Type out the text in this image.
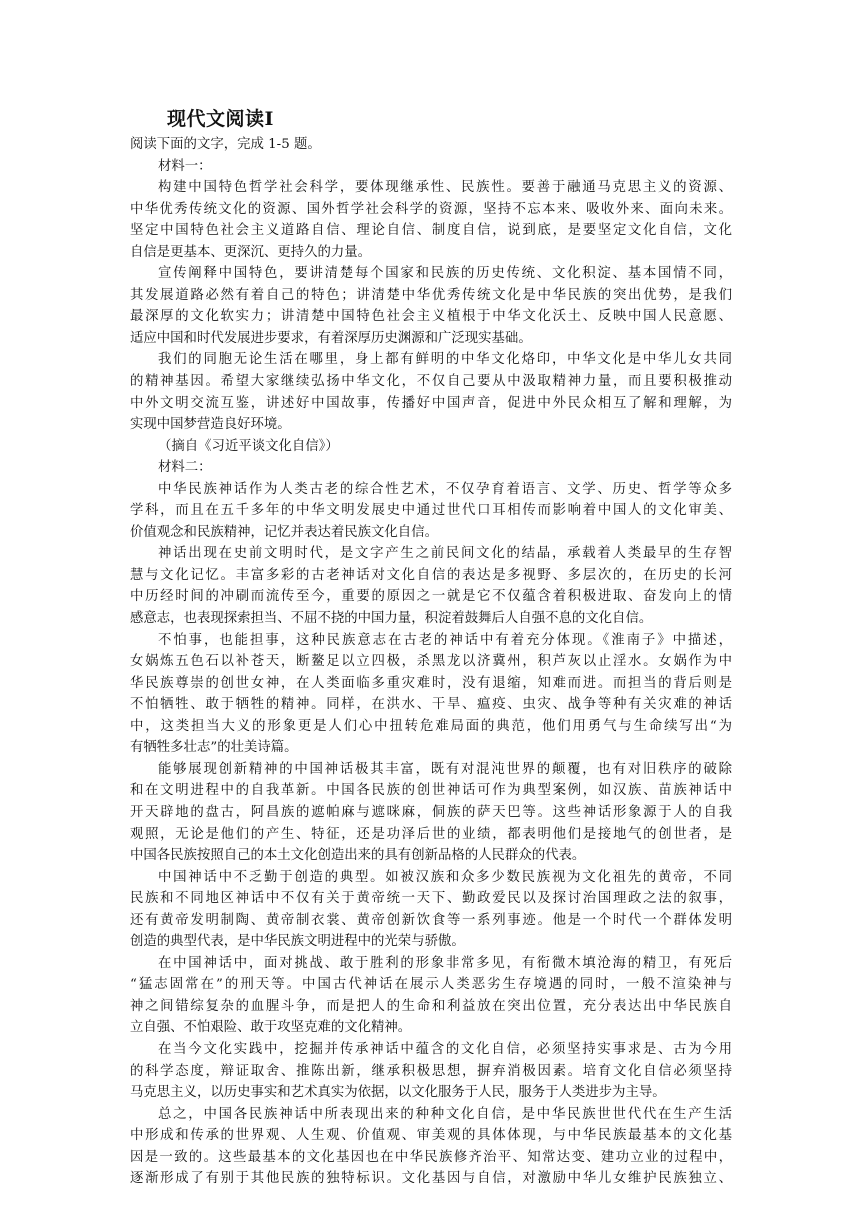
现代文阅读Ⅰ
阅读下面的文字，完成 1-5 题。
材料一：
构建中国特色哲学社会科学，要体现继承性、民族性。要善于融通马克思主义的资源、
中华优秀传统文化的资源、国外哲学社会科学的资源，坚持不忘本来、吸收外来、面向未来。
坚定中国特色社会主义道路自信、理论自信、制度自信，说到底，是要坚定文化自信，文化
自信是更基本、更深沉、更持久的力量。
宣传阐释中国特色，要讲清楚每个国家和民族的历史传统、文化积淀、基本国情不同，
其发展道路必然有着自己的特色；讲清楚中华优秀传统文化是中华民族的突出优势，是我们
最深厚的文化软实力；讲清楚中国特色社会主义植根于中华文化沃土、反映中国人民意愿、
适应中国和时代发展进步要求，有着深厚历史渊源和广泛现实基础。
我们的同胞无论生活在哪里，身上都有鲜明的中华文化烙印，中华文化是中华儿女共同
的精神基因。希望大家继续弘扬中华文化，不仅自己要从中汲取精神力量，而且要积极推动
中外文明交流互鉴，讲述好中国故事，传播好中国声音，促进中外民众相互了解和理解，为
实现中国梦营造良好环境。
（摘自《习近平谈文化自信》）
材料二：
中华民族神话作为人类古老的综合性艺术，不仅孕育着语言、文学、历史、哲学等众多
学科，而且在五千多年的中华文明发展史中通过世代口耳相传而影响着中国人的文化审美、
价值观念和民族精神，记忆并表达着民族文化自信。
神话出现在史前文明时代，是文字产生之前民间文化的结晶，承载着人类最早的生存智
慧与文化记忆。丰富多彩的古老神话对文化自信的表达是多视野、多层次的，在历史的长河
中历经时间的冲刷而流传至今，重要的原因之一就是它不仅蕴含着积极进取、奋发向上的情
感意志，也表现探索担当、不屈不挠的中国力量，积淀着鼓舞后人自强不息的文化自信。
不怕事，也能担事，这种民族意志在古老的神话中有着充分体现。《淮南子》中描述，
女娲炼五色石以补苍天，断鳌足以立四极，杀黑龙以济冀州，积芦灰以止淫水。女娲作为中
华民族尊崇的创世女神，在人类面临多重灾难时，没有退缩，知难而进。而担当的背后则是
不怕牺牲、敢于牺牲的精神。同样，在洪水、干旱、瘟疫、虫灾、战争等种有关灾难的神话
中，这类担当大义的形象更是人们心中扭转危难局面的典范，他们用勇气与生命续写出“为
有牺牲多壮志”的壮美诗篇。
能够展现创新精神的中国神话极其丰富，既有对混沌世界的颠覆，也有对旧秩序的破除
和在文明进程中的自我革新。中国各民族的创世神话可作为典型案例，如汉族、苗族神话中
开天辟地的盘古，阿昌族的遮帕麻与遮咪麻，侗族的萨天巴等。这些神话形象源于人的自我
观照，无论是他们的产生、特征，还是功泽后世的业绩，都表明他们是接地气的创世者，是
中国各民族按照自己的本土文化创造出来的具有创新品格的人民群众的代表。
中国神话中不乏勤于创造的典型。如被汉族和众多少数民族视为文化祖先的黄帝，不同
民族和不同地区神话中不仅有关于黄帝统一天下、勤政爱民以及探讨治国理政之法的叙事，
还有黄帝发明制陶、黄帝制衣裳、黄帝创新饮食等一系列事迹。他是一个时代一个群体发明
创造的典型代表，是中华民族文明进程中的光荣与骄傲。
在中国神话中，面对挑战、敢于胜利的形象非常多见，有衔微木填沧海的精卫，有死后
“猛志固常在”的刑天等。中国古代神话在展示人类恶劣生存境遇的同时，一般不渲染神与
神之间错综复杂的血腥斗争，而是把人的生命和利益放在突出位置，充分表达出中华民族自
立自强、不怕艰险、敢于攻坚克难的文化精神。
在当今文化实践中，挖掘并传承神话中蕴含的文化自信，必须坚持实事求是、古为今用
的科学态度，辩证取舍、推陈出新，继承积极思想，摒弃消极因素。培育文化自信必须坚持
马克思主义，以历史事实和艺术真实为依据，以文化服务于人民，服务于人类进步为主导。
总之，中国各民族神话中所表现出来的种种文化自信，是中华民族世世代代在生产生活
中形成和传承的世界观、人生观、价值观、审美观的具体体现，与中华民族最基本的文化基
因是一致的。这些最基本的文化基因也在中华民族修齐治平、知常达变、建功立业的过程中，
逐渐形成了有别于其他民族的独特标识。文化基因与自信，对激励中华儿女维护民族独立、
